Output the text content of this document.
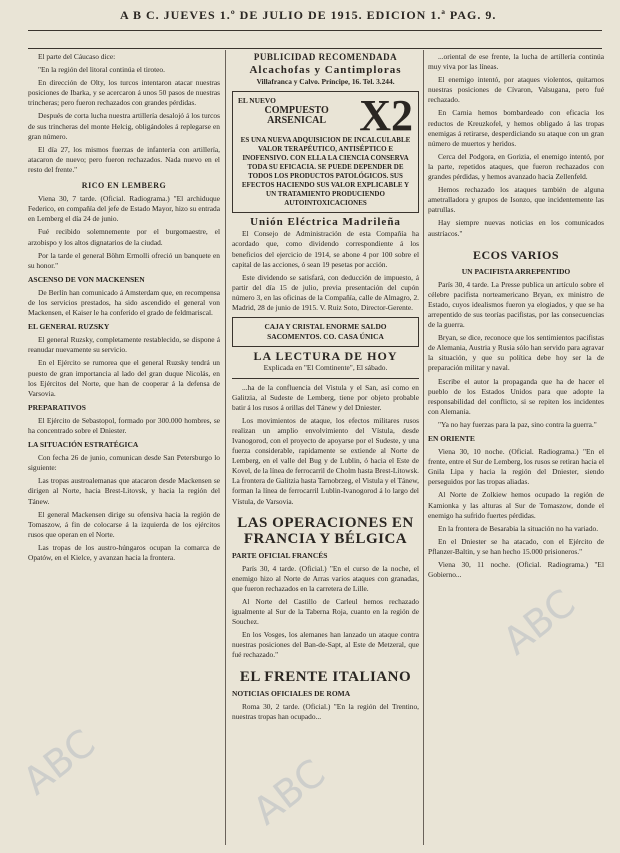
A B C. JUEVES 1.º DE JULIO DE 1915. EDICION 1.ª PAG. 9.

El parte del Cáucaso dice:

"En la región del litoral continúa el tiroteo.

En dirección de Olty, los turcos intentaron atacar nuestras posiciones de Ibarka, y se acercaron á unos 50 pasos de nuestras trincheras; pero fueron rechazados con grandes pérdidas.

Después de corta lucha nuestra artillería desalojó á los turcos de sus trincheras del monte Helcig, obligándoles á replegarse en gran número.

El día 27, los mismos fuerzas de infantería con artillería, atacaron de nuevo; pero fueron rechazados. Nada nuevo en el resto del frente."

RICO EN LEMBERG

Viena 30, 7 tarde. (Oficial. Radiograma.) "El archiduque Federico, en compañía del jefe de Estado Mayor, hizo su entrada en Lemberg el día 24 de junio.

Fué recibido solemnemente por el burgomaestre, el arzobispo y los altos dignatarios de la ciudad.

Por la tarde el general Böhm Ermolli ofreció un banquete en su honor."

ASCENSO DE VON MACKENSEN

De Berlín han comunicado á Amsterdam que, en recompensa de los servicios prestados, ha sido ascendido el general von Mackensen, el Kaiser le ha conferido el grado de feldmariscal.

EL GENERAL RUZSKY

El general Ruzsky, completamente restablecido, se dispone á reanudar nuevamente su servicio.

En el Ejército se rumorea que el general Ruzsky tendrá un puesto de gran importancia al lado del gran duque Nicolás, en los Ejércitos del Norte, que han de cooperar á la defensa de Varsovia.

PREPARATIVOS

El Ejército de Sebastopol, formado por 300.000 hombres, se ha concentrado sobre el Dniester.

LA SITUACIÓN ESTRATÉGICA

Con fecha 26 de junio, comunican desde San Petersburgo lo siguiente:

Las tropas austroalemanas que atacaron desde Mackensen se dirigen al Norte, hacia Brest-Litovsk, y hacia la región del Tánew.

El general Mackensen dirige su ofensiva hacia la región de Tomaszow, á fin de colocarse á la izquierda de los ejércitos rusos que operan en el Norte.

Las tropas de los austro-húngaros ocupan la comarca de Opatów, en el Kielce, y avanzan hacia la frontera.

PUBLICIDAD RECOMENDADA
Alcachofas y Cantimploras
Villafranca y Calvo. Príncipe, 16. Tel. 3.244.
X2
EL NUEVO
COMPUESTO ARSENICAL
ES UNA NUEVA ADQUISICION DE INCALCULABLE VALOR TERAPÉUTICO, ANTISÉPTICO E INOFENSIVO. CON ELLA LA CIENCIA CONSERVA TODA SU EFICACIA. SE PUEDE DEPENDER DE TODOS LOS PRODUCTOS PATOLÓGICOS. SUS EFECTOS HACIENDO SUS VALOR EXPLICABLE Y UN TRATAMIENTO PRODUCIENDO AUTOINTOXICACIONES
Unión Eléctrica Madrileña

El Consejo de Administración de esta Compañía ha acordado que, como dividendo correspondiente á los beneficios del ejercicio de 1914, se abone 4 por 100 sobre el capital de las acciones, ó sean 19 pesetas por acción.

Este dividendo se satisfará, con deducción de impuesto, á partir del día 15 de julio, previa presentación del cupón número 3, en las oficinas de la Compañía, calle de Almagro, 2. Madrid, 28 de junio de 1915. V. Ruiz Soto, Director-Gerente.

CAJA Y CRISTAL ENORME SALDO SACOMENTOS. CO. CASA ÚNICA
LA LECTURA DE HOY
Explicada en "El Comtinente", El sábado.

...ha de la confluencia del Vistula y el San, así como en Galitzia, al Sudeste de Lemberg, tiene por objeto probable batir á los rusos á orillas del Tánew y del Dniester.

Los movimientos de ataque, los efectos militares rusos realizan un amplio envolvimiento del Vístula, desde Ivanogorod, con el proyecto de apoyarse por el Sudeste, y una fuerza considerable, rapidamente se extiende al Norte de Lemberg, en el valle del Bug y de Lublin, ó hacia el Este de Kovel, de la línea de ferrocarril de Cholm hasta Brest-Litowsk. La frontera de Galitzia hasta Tarnobrzeg, el Vistula y el Tánew, forman la línea de ferrocarril Lublin-Ivanogorod á lo largo del Vístula, de Varsovia.

LAS OPERACIONES EN FRANCIA Y BÉLGICA
PARTE OFICIAL FRANCÉS

París 30, 4 tarde. (Oficial.) "En el curso de la noche, el enemigo hizo al Norte de Arras varios ataques con granadas, que fueron rechazados en la carretera de Lille.

Al Norte del Castillo de Carleul hemos rechazado igualmente al Sur de la Taberna Roja, cuanto en la región de Souchez.

En los Vosges, los alemanes han lanzado un ataque contra nuestras posiciones del Ban-de-Sapt, al Este de Metzeral, que fué rechazado."

EL FRENTE ITALIANO
NOTICIAS OFICIALES DE ROMA

Roma 30, 2 tarde. (Oficial.) "En la región del Trentino, nuestras tropas han ocupado...

...oriental de ese frente, la lucha de artillería continúa muy viva por las líneas.

El enemigo intentó, por ataques violentos, quitarnos nuestras posiciones de Cívaron, Valsugana, pero fué rechazado.

En Carnia hemos bombardeado con eficacia los reductos de Kreuzkofel, y hemos obligado á las tropas enemigas á retirarse, desperdiciando su ataque con un gran número de muertos y heridos.

Cerca del Podgora, en Gorizia, el enemigo intentó, por la parte, repetidos ataques, que fueron rechazados con grandes pérdidas, y hemos avanzado hacia Zellenfeld.

Hemos rechazado los ataques también de alguna ametralladora y grupos de Isonzo, que incidentemente las patrullas.

Hay siempre nuevas noticias en los comunicados austríacos."

ECOS VARIOS
UN PACIFISTA ARREPENTIDO

París 30, 4 tarde. La Presse publica un artículo sobre el célebre pacifista norteamericano Bryan, ex ministro de Estado, cuyos idealismos fueron ya elogiados, y que se ha arrepentido de sus teorías pacifistas, por las consecuencias de la guerra.

Bryan, se dice, reconoce que los sentimientos pacifistas de Alemania, Austria y Rusia sólo han servido para agravar la situación, y que su política debe hoy ser la de preparación militar y naval.

Escribe el autor la propaganda que ha de hacer el pueblo de los Estados Unidos para que adopte la responsabilidad del conflicto, si se repiten los incidentes con Alemania.

"Ya no hay fuerzas para la paz, sino contra la guerra."

EN ORIENTE

Viena 30, 10 noche. (Oficial. Radiograma.) "En el frente, entre el Sur de Lemberg, los rusos se retiran hacia el Gnila Lipa y hacia la región del Dniester, siendo perseguidos por las tropas aliadas.

Al Norte de Zolkiew hemos ocupado la región de Kamionka y las alturas al Sur de Tomaszow, donde el enemigo ha sufrido fuertes pérdidas.

En la frontera de Besarabia la situación no ha variado.

En el Dniester se ha atacado, con el Ejército de Pflanzer-Baltin, y se han hecho 15.000 prisioneros."

Viena 30, 11 noche. (Oficial. Radiograma.) "El Gobierno...

ABC	ABC
ABC
